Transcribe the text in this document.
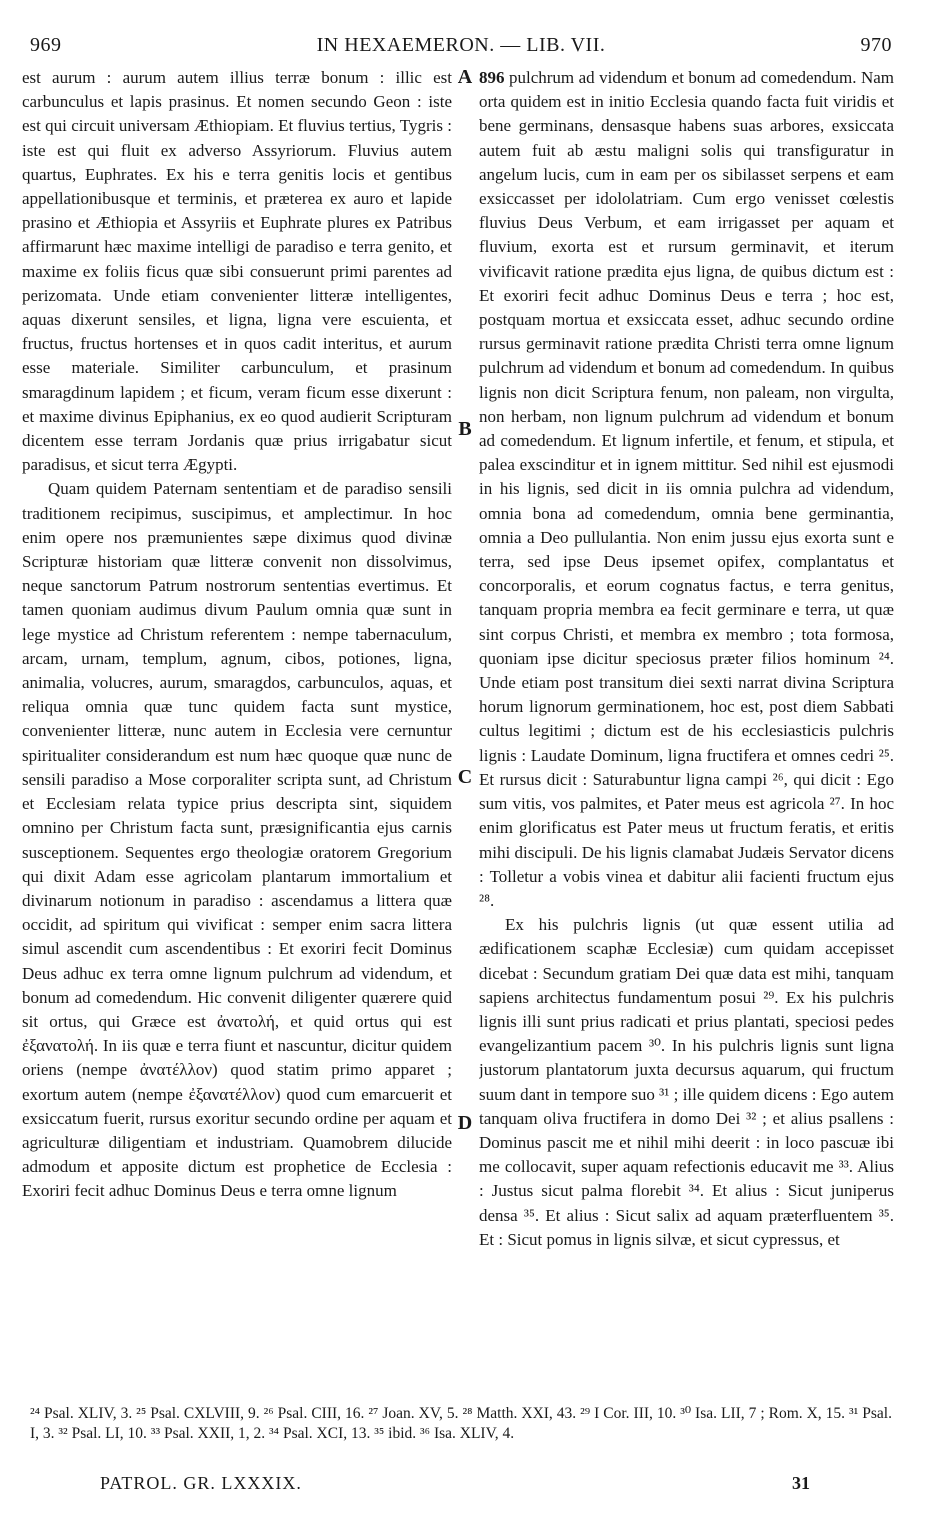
969	IN HEXAEMERON. — LIB. VII.	970

est aurum : aurum autem illius terræ bonum : illic est carbunculus et lapis prasinus. Et nomen secundo Geon : iste est qui circuit universam Æthiopiam. Et fluvius tertius, Tygris : iste est qui fluit ex adverso Assyriorum. Fluvius autem quartus, Euphrates. Ex his e terra genitis locis et gentibus appellationibusque et terminis, et præterea ex auro et lapide prasino et Æthiopia et Assyriis et Euphrate plures ex Patribus affirmarunt hæc maxime intelligi de paradiso e terra genito, et maxime ex foliis ficus quæ sibi consuerunt primi parentes ad perizomata. Unde etiam convenienter litteræ intelligentes, aquas dixerunt sensiles, et ligna, ligna vere escuienta, et fructus, fructus hortenses et in quos cadit interitus, et aurum esse materiale. Similiter carbunculum, et prasinum smaragdinum lapidem ; et ficum, veram ficum esse dixerunt : et maxime divinus Epiphanius, ex eo quod audierit Scripturam dicentem esse terram Jordanis quæ prius irrigabatur sicut paradisus, et sicut terra Ægypti.

Quam quidem Paternam sententiam et de paradiso sensili traditionem recipimus, suscipimus, et amplectimur. In hoc enim opere nos præmunientes sæpe diximus quod divinæ Scripturæ historiam quæ litteræ convenit non dissolvimus, neque sanctorum Patrum nostrorum sententias evertimus. Et tamen quoniam audimus divum Paulum omnia quæ sunt in lege mystice ad Christum referentem : nempe tabernaculum, arcam, urnam, templum, agnum, cibos, potiones, ligna, animalia, volucres, aurum, smaragdos, carbunculos, aquas, et reliqua omnia quæ tunc quidem facta sunt mystice, convenienter litteræ, nunc autem in Ecclesia vere cernuntur spiritualiter considerandum est num hæc quoque quæ nunc de sensili paradiso a Mose corporaliter scripta sunt, ad Christum et Ecclesiam relata typice prius descripta sint, siquidem omnino per Christum facta sunt, præsignificantia ejus carnis susceptionem. Sequentes ergo theologiæ oratorem Gregorium qui dixit Adam esse agricolam plantarum immortalium et divinarum notionum in paradiso : ascendamus a littera quæ occidit, ad spiritum qui vivificat : semper enim sacra littera simul ascendit cum ascendentibus : Et exoriri fecit Dominus Deus adhuc ex terra omne lignum pulchrum ad videndum, et bonum ad comedendum. Hic convenit diligenter quærere quid sit ortus, qui Græce est ἀνατολή, et quid ortus qui est ἐξανατολή. In iis quæ e terra fiunt et nascuntur, dicitur quidem oriens (nempe ἀνατέλλον) quod statim primo apparet ; exortum autem (nempe ἐξανατέλλον) quod cum emarcuerit et exsiccatum fuerit, rursus exoritur secundo ordine per aquam et agriculturæ diligentiam et industriam. Quamobrem dilucide admodum et apposite dictum est prophetice de Ecclesia : Exoriri fecit adhuc Dominus Deus e terra omne lignum

A
B
C
D

896 pulchrum ad videndum et bonum ad comedendum. Nam orta quidem est in initio Ecclesia quando facta fuit viridis et bene germinans, densasque habens suas arbores, exsiccata autem fuit ab æstu maligni solis qui transfiguratur in angelum lucis, cum in eam per os sibilasset serpens et eam exsiccasset per idololatriam. Cum ergo venisset cœlestis fluvius Deus Verbum, et eam irrigasset per aquam et fluvium, exorta est et rursum germinavit, et iterum vivificavit ratione prædita ejus ligna, de quibus dictum est : Et exoriri fecit adhuc Dominus Deus e terra ; hoc est, postquam mortua et exsiccata esset, adhuc secundo ordine rursus germinavit ratione prædita Christi terra omne lignum pulchrum ad videndum et bonum ad comedendum. In quibus lignis non dicit Scriptura fenum, non paleam, non virgulta, non herbam, non lignum pulchrum ad videndum et bonum ad comedendum. Et lignum infertile, et fenum, et stipula, et palea exscinditur et in ignem mittitur. Sed nihil est ejusmodi in his lignis, sed dicit in iis omnia pulchra ad videndum, omnia bona ad comedendum, omnia bene germinantia, omnia a Deo pullulantia. Non enim jussu ejus exorta sunt e terra, sed ipse Deus ipsemet opifex, complantatus et concorporalis, et eorum cognatus factus, e terra genitus, tanquam propria membra ea fecit germinare e terra, ut quæ sint corpus Christi, et membra ex membro ; tota formosa, quoniam ipse dicitur speciosus præter filios hominum ²⁴. Unde etiam post transitum diei sexti narrat divina Scriptura horum lignorum germinationem, hoc est, post diem Sabbati cultus legitimi ; dictum est de his ecclesiasticis pulchris lignis : Laudate Dominum, ligna fructifera et omnes cedri ²⁵. Et rursus dicit : Saturabuntur ligna campi ²⁶, qui dicit : Ego sum vitis, vos palmites, et Pater meus est agricola ²⁷. In hoc enim glorificatus est Pater meus ut fructum feratis, et eritis mihi discipuli. De his lignis clamabat Judæis Servator dicens : Tolletur a vobis vinea et dabitur alii facienti fructum ejus ²⁸.

Ex his pulchris lignis (ut quæ essent utilia ad ædificationem scaphæ Ecclesiæ) cum quidam accepisset dicebat : Secundum gratiam Dei quæ data est mihi, tanquam sapiens architectus fundamentum posui ²⁹. Ex his pulchris lignis illi sunt prius radicati et prius plantati, speciosi pedes evangelizantium pacem ³⁰. In his pulchris lignis sunt ligna justorum plantatorum juxta decursus aquarum, qui fructum suum dant in tempore suo ³¹ ; ille quidem dicens : Ego autem tanquam oliva fructifera in domo Dei ³² ; et alius psallens : Dominus pascit me et nihil mihi deerit : in loco pascuæ ibi me collocavit, super aquam refectionis educavit me ³³. Alius : Justus sicut palma florebit ³⁴. Et alius : Sicut juniperus densa ³⁵. Et alius : Sicut salix ad aquam præterfluentem ³⁵. Et : Sicut pomus in lignis silvæ, et sicut cypressus, et

²⁴ Psal. XLIV, 3. ²⁵ Psal. CXLVIII, 9. ²⁶ Psal. CIII, 16. ²⁷ Joan. XV, 5. ²⁸ Matth. XXI, 43. ²⁹ I Cor. III, 10. ³⁰ Isa. LII, 7 ; Rom. X, 15. ³¹ Psal. I, 3. ³² Psal. LI, 10. ³³ Psal. XXII, 1, 2. ³⁴ Psal. XCI, 13. ³⁵ ibid. ³⁶ Isa. XLIV, 4.
PATROL. GR. LXXXIX.	31
